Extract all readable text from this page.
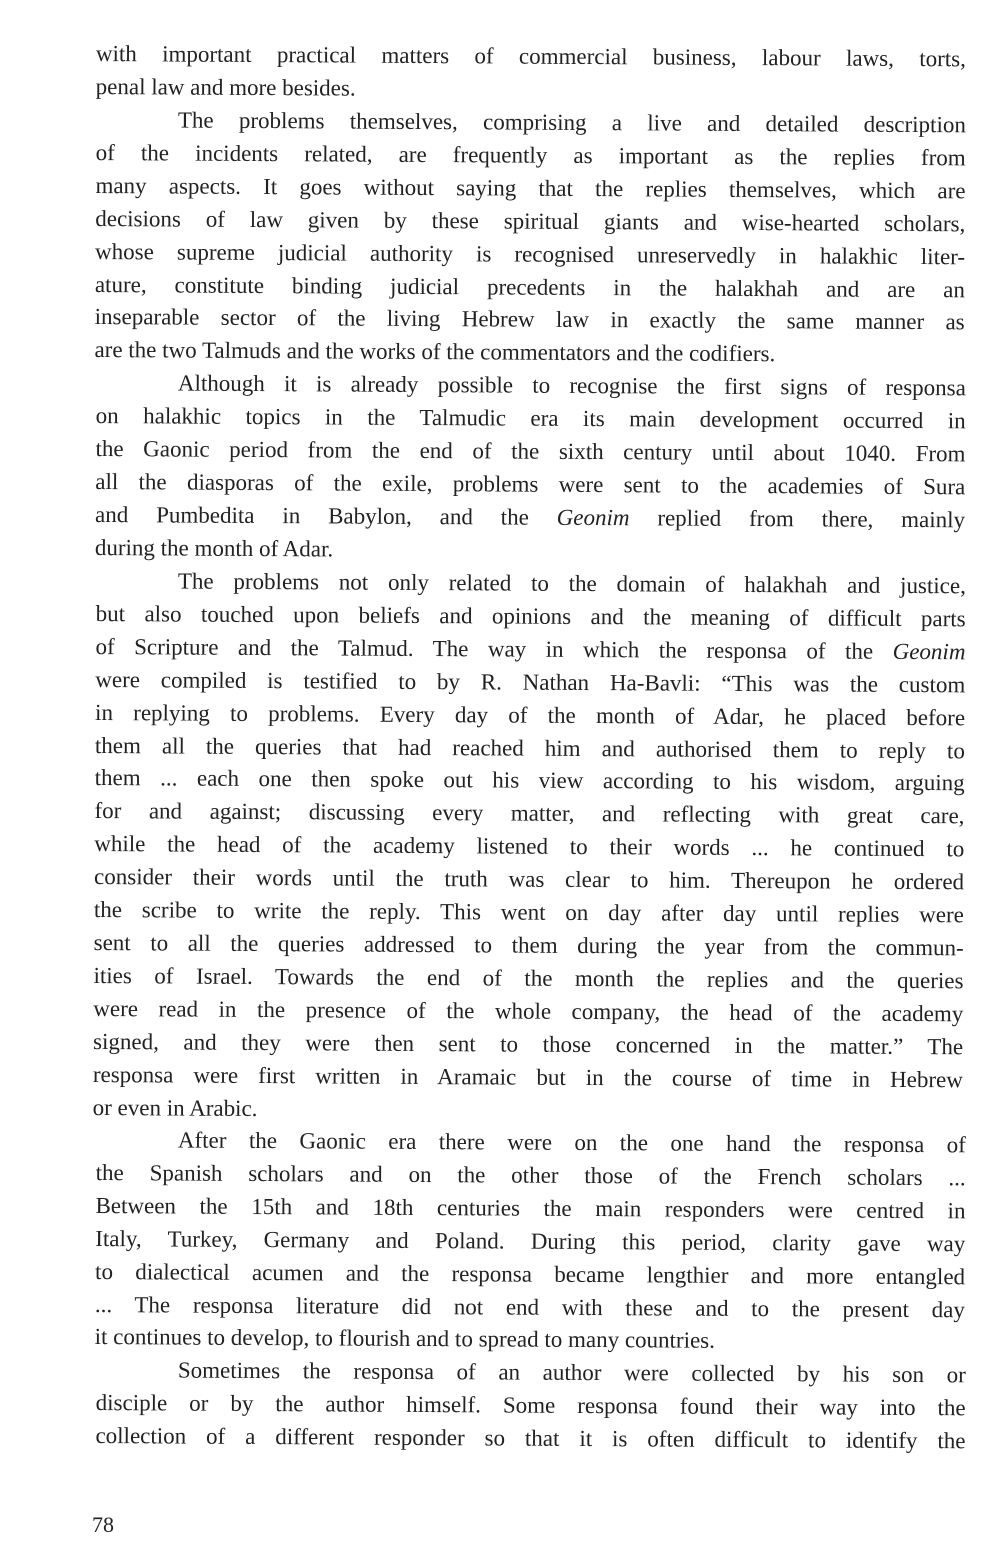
with important practical matters of commercial business, labour laws, torts,
penal law and more besides.
The problems themselves, comprising a live and detailed description
of the incidents related, are frequently as important as the replies from
many aspects. It goes without saying that the replies themselves, which are
decisions of law given by these spiritual giants and wise-hearted scholars,
whose supreme judicial authority is recognised unreservedly in halakhic liter-
ature, constitute binding judicial precedents in the halakhah and are an
inseparable sector of the living Hebrew law in exactly the same manner as
are the two Talmuds and the works of the commentators and the codifiers.
Although it is already possible to recognise the first signs of responsa
on halakhic topics in the Talmudic era its main development occurred in
the Gaonic period from the end of the sixth century until about 1040. From
all the diasporas of the exile, problems were sent to the academies of Sura
and Pumbedita in Babylon, and the Geonim replied from there, mainly
during the month of Adar.
The problems not only related to the domain of halakhah and justice,
but also touched upon beliefs and opinions and the meaning of difficult parts
of Scripture and the Talmud. The way in which the responsa of the Geonim
were compiled is testified to by R. Nathan Ha-Bavli: “This was the custom
in replying to problems. Every day of the month of Adar, he placed before
them all the queries that had reached him and authorised them to reply to
them ... each one then spoke out his view according to his wisdom, arguing
for and against; discussing every matter, and reflecting with great care,
while the head of the academy listened to their words ... he continued to
consider their words until the truth was clear to him. Thereupon he ordered
the scribe to write the reply. This went on day after day until replies were
sent to all the queries addressed to them during the year from the commun-
ities of Israel. Towards the end of the month the replies and the queries
were read in the presence of the whole company, the head of the academy
signed, and they were then sent to those concerned in the matter.” The
responsa were first written in Aramaic but in the course of time in Hebrew
or even in Arabic.
After the Gaonic era there were on the one hand the responsa of
the Spanish scholars and on the other those of the French scholars ...
Between the 15th and 18th centuries the main responders were centred in
Italy, Turkey, Germany and Poland. During this period, clarity gave way
to dialectical acumen and the responsa became lengthier and more entangled
... The responsa literature did not end with these and to the present day
it continues to develop, to flourish and to spread to many countries.
Sometimes the responsa of an author were collected by his son or
disciple or by the author himself. Some responsa found their way into the
collection of a different responder so that it is often difficult to identify the
78
